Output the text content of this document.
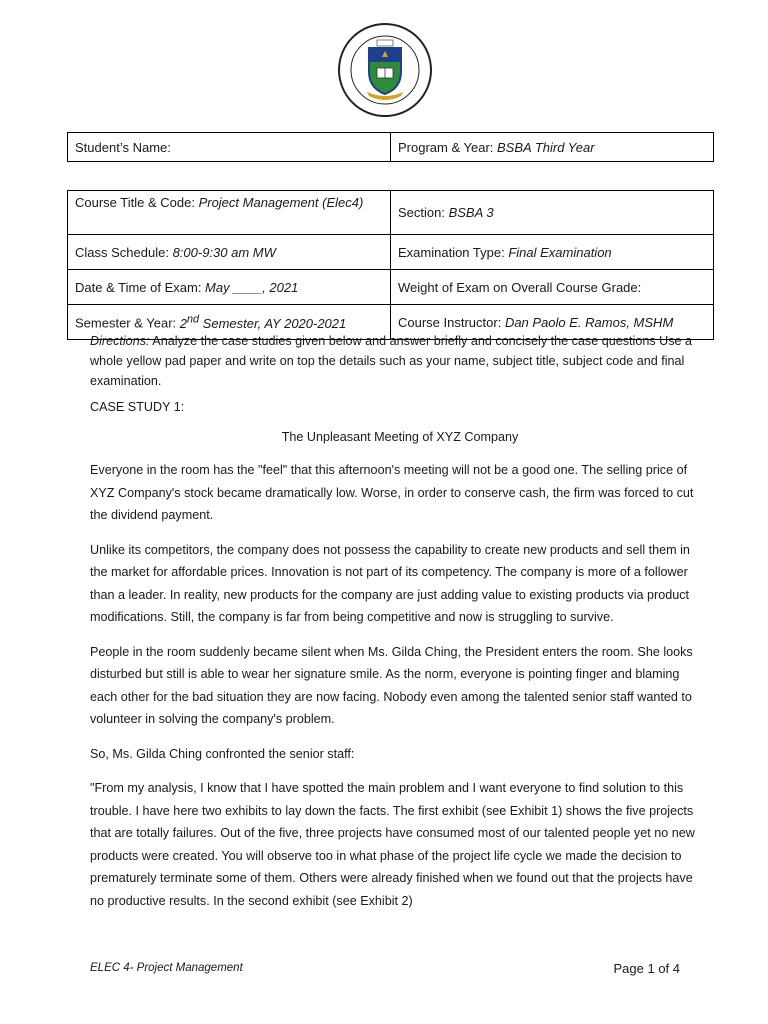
Student’s Name:	Program & Year: BSBA Third Year
Course Title & Code: Project Management (Elec4)	Section: BSBA 3
Class Schedule: 8:00-9:30 am MW	Examination Type: Final Examination
Date & Time of Exam: May ____, 2021	Weight of Exam on Overall Course Grade:
Semester & Year: 2nd Semester, AY 2020-2021	Course Instructor: Dan Paolo E. Ramos, MSHM

Directions: Analyze the case studies given below and answer briefly and concisely the case questions Use a whole yellow pad paper and write on top the details such as your name, subject title, subject code and final examination.

CASE STUDY 1:

The Unpleasant Meeting of XYZ Company

Everyone in the room has the "feel" that this afternoon's meeting will not be a good one. The selling price of XYZ Company's stock became dramatically low. Worse, in order to conserve cash, the firm was forced to cut the dividend payment.

Unlike its competitors, the company does not possess the capability to create new products and sell them in the market for affordable prices. Innovation is not part of its competency. The company is more of a follower than a leader. In reality, new products for the company are just adding value to existing products via product modifications. Still, the company is far from being competitive and now is struggling to survive.

People in the room suddenly became silent when Ms. Gilda Ching, the President enters the room. She looks disturbed but still is able to wear her signature smile. As the norm, everyone is pointing finger and blaming each other for the bad situation they are now facing. Nobody even among the talented senior staff wanted to volunteer in solving the company's problem.

So, Ms. Gilda Ching confronted the senior staff:

"From my analysis, I know that I have spotted the main problem and I want everyone to find solution to this trouble. I have here two exhibits to lay down the facts. The first exhibit (see Exhibit 1) shows the five projects that are totally failures. Out of the five, three projects have consumed most of our talented people yet no new products were created. You will observe too in what phase of the project life cycle we made the decision to prematurely terminate some of them. Others were already finished when we found out that the projects have no productive results. In the second exhibit (see Exhibit 2)

ELEC 4- Project Management	Page 1 of 4
